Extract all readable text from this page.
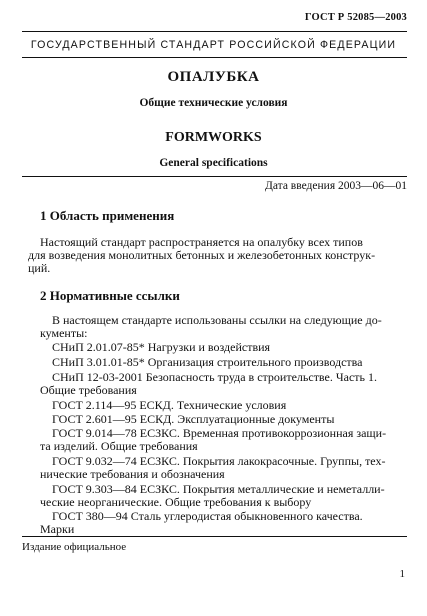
ГОСТ Р 52085—2003
ГОСУДАРСТВЕННЫЙ СТАНДАРТ РОССИЙСКОЙ ФЕДЕРАЦИИ
ОПАЛУБКА
Общие технические условия
FORMWORKS
General specifications
Дата введения 2003—06—01
1 Область применения
Настоящий стандарт распространяется на опалубку всех типов
для возведения монолитных бетонных и железобетонных конструк-
ций.
2 Нормативные ссылки
В настоящем стандарте использованы ссылки на следующие до-
кументы:
СНиП 2.01.07-85* Нагрузки и воздействия
СНиП 3.01.01-85* Организация строительного производства
СНиП 12-03-2001 Безопасность труда в строительстве. Часть 1.
Общие требования
ГОСТ 2.114—95 ЕСКД. Технические условия
ГОСТ 2.601—95 ЕСКД. Эксплуатационные документы
ГОСТ 9.014—78 ЕСЗКС. Временная противокоррозионная защи-
та изделий. Общие требования
ГОСТ 9.032—74 ЕСЗКС. Покрытия лакокрасочные. Группы, тех-
нические требования и обозначения
ГОСТ 9.303—84 ЕСЗКС. Покрытия металлические и неметалли-
ческие неорганические. Общие требования к выбору
ГОСТ 380—94 Сталь углеродистая обыкновенного качества.
Марки
Издание официальное
1
